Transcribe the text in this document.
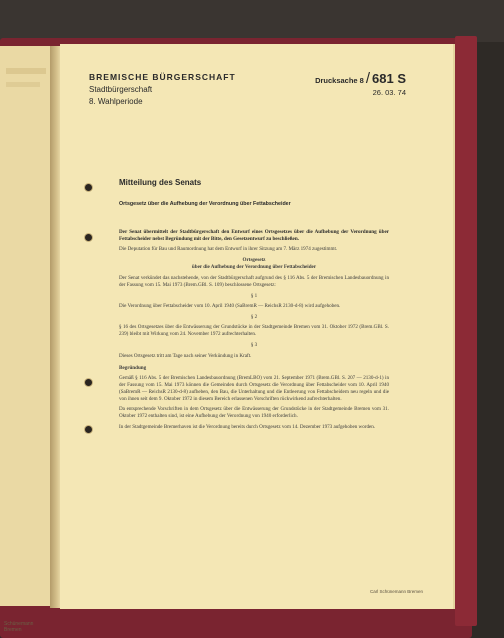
Schünemann Bremen
BREMISCHE BÜRGERSCHAFT
Stadtbürgerschaft
8. Wahlperiode
Drucksache 8 / 681 S
26. 03. 74
Mitteilung des Senats
Ortsgesetz über die Aufhebung der Verordnung über Fettabscheider

Der Senat übermittelt der Stadtbürgerschaft den Entwurf eines Ortsgesetzes über die Aufhebung der Verordnung über Fettabscheider nebst Begründung mit der Bitte, den Gesetzentwurf zu beschließen.

Die Deputation für Bau und Raumordnung hat dem Entwurf in ihrer Sitzung am 7. März 1974 zugestimmt.

Ortsgesetz

über die Aufhebung der Verordnung über Fettabscheider

Der Senat verkündet das nachstehende, von der Stadtbürgerschaft aufgrund des § 116 Abs. 5 der Bremischen Landesbauordnung in der Fassung vom 15. Mai 1973 (Brem.GBl. S. 109) beschlossene Ortsgesetz:

§ 1

Die Verordnung über Fettabscheider vom 10. April 1940 (SaBremR — ReichsR 2130-d-8) wird aufgehoben.

§ 2

§ 16 des Ortsgesetzes über die Entwässerung der Grundstücke in der Stadtgemeinde Bremen vom 31. Oktober 1972 (Brem.GBl. S. 239) bleibt mit Wirkung vom 24. November 1972 aufrechterhalten.

§ 3

Dieses Ortsgesetz tritt am Tage nach seiner Verkündung in Kraft.

Begründung

Gemäß § 116 Abs. 5 der Bremischen Landesbauordnung (BremLBO) vom 21. September 1971 (Brem.GBl. S. 207 — 2130-d-1) in der Fassung vom 15. Mai 1973 können die Gemeinden durch Ortsgesetz die Verordnung über Fettabscheider vom 10. April 1940 (SaBremR — ReichsR 2130-d-8) aufheben, den Bau, die Unterhaltung und die Entleerung von Fettabscheidern neu regeln und die von ihnen seit dem 9. Oktober 1972 in diesem Bereich erlassenen Vorschriften rückwirkend aufrechterhalten.

Da entsprechende Vorschriften in dem Ortsgesetz über die Entwässerung der Grundstücke in der Stadtgemeinde Bremen vom 31. Oktober 1972 enthalten sind, ist eine Aufhebung der Verordnung von 1940 erforderlich.

In der Stadtgemeinde Bremerhaven ist die Verordnung bereits durch Ortsgesetz vom 14. Dezember 1973 aufgehoben worden.

Carl Schünemann Bremen
